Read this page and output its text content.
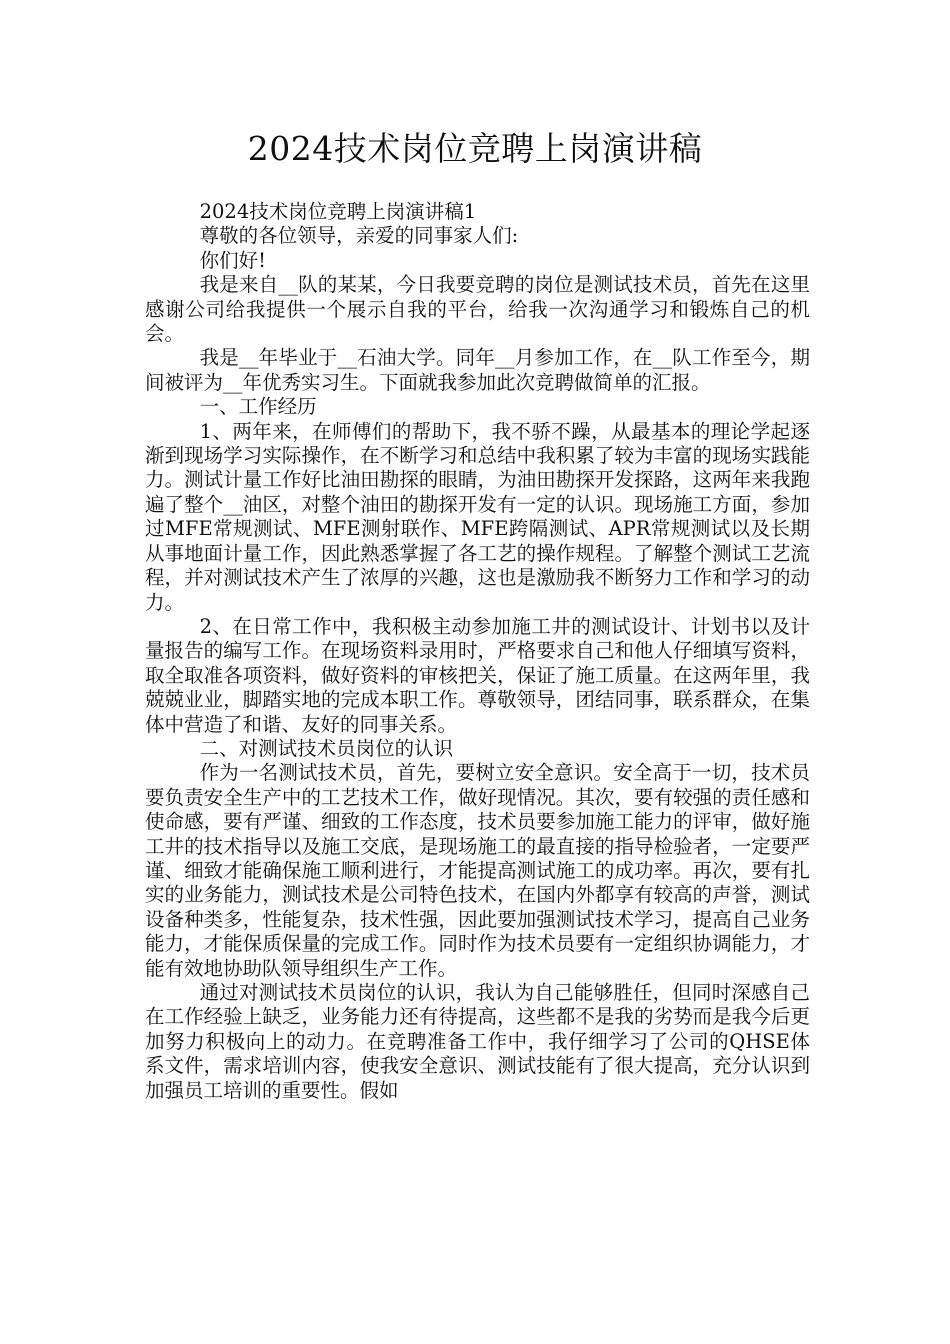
2024技术岗位竞聘上岗演讲稿

2024技术岗位竞聘上岗演讲稿1

尊敬的各位领导，亲爱的同事家人们:

你们好!

我是来自__队的某某，今日我要竞聘的岗位是测试技术员，首先在这里感谢公司给我提供一个展示自我的平台，给我一次沟通学习和锻炼自己的机会。

我是__年毕业于__石油大学。同年__月参加工作，在__队工作至今，期间被评为__年优秀实习生。下面就我参加此次竞聘做简单的汇报。

一、工作经历

1、两年来，在师傅们的帮助下，我不骄不躁，从最基本的理论学起逐渐到现场学习实际操作，在不断学习和总结中我积累了较为丰富的现场实践能力。测试计量工作好比油田勘探的眼睛，为油田勘探开发探路，这两年来我跑遍了整个__油区，对整个油田的勘探开发有一定的认识。现场施工方面，参加过MFE常规测试、MFE测射联作、MFE跨隔测试、APR常规测试以及长期从事地面计量工作，因此熟悉掌握了各工艺的操作规程。了解整个测试工艺流程，并对测试技术产生了浓厚的兴趣，这也是激励我不断努力工作和学习的动力。

2、在日常工作中，我积极主动参加施工井的测试设计、计划书以及计量报告的编写工作。在现场资料录用时，严格要求自己和他人仔细填写资料，取全取准各项资料，做好资料的审核把关，保证了施工质量。在这两年里，我兢兢业业，脚踏实地的完成本职工作。尊敬领导，团结同事，联系群众，在集体中营造了和谐、友好的同事关系。

二、对测试技术员岗位的认识

作为一名测试技术员，首先，要树立安全意识。安全高于一切，技术员要负责安全生产中的工艺技术工作，做好现情况。其次，要有较强的责任感和使命感，要有严谨、细致的工作态度，技术员要参加施工能力的评审，做好施工井的技术指导以及施工交底，是现场施工的最直接的指导检验者，一定要严谨、细致才能确保施工顺利进行，才能提高测试施工的成功率。再次，要有扎实的业务能力，测试技术是公司特色技术，在国内外都享有较高的声誉，测试设备种类多，性能复杂，技术性强，因此要加强测试技术学习，提高自己业务能力，才能保质保量的完成工作。同时作为技术员要有一定组织协调能力，才能有效地协助队领导组织生产工作。

通过对测试技术员岗位的认识，我认为自己能够胜任，但同时深感自己在工作经验上缺乏，业务能力还有待提高，这些都不是我的劣势而是我今后更加努力积极向上的动力。在竞聘准备工作中，我仔细学习了公司的QHSE体系文件，需求培训内容，使我安全意识、测试技能有了很大提高，充分认识到加强员工培训的重要性。假如
